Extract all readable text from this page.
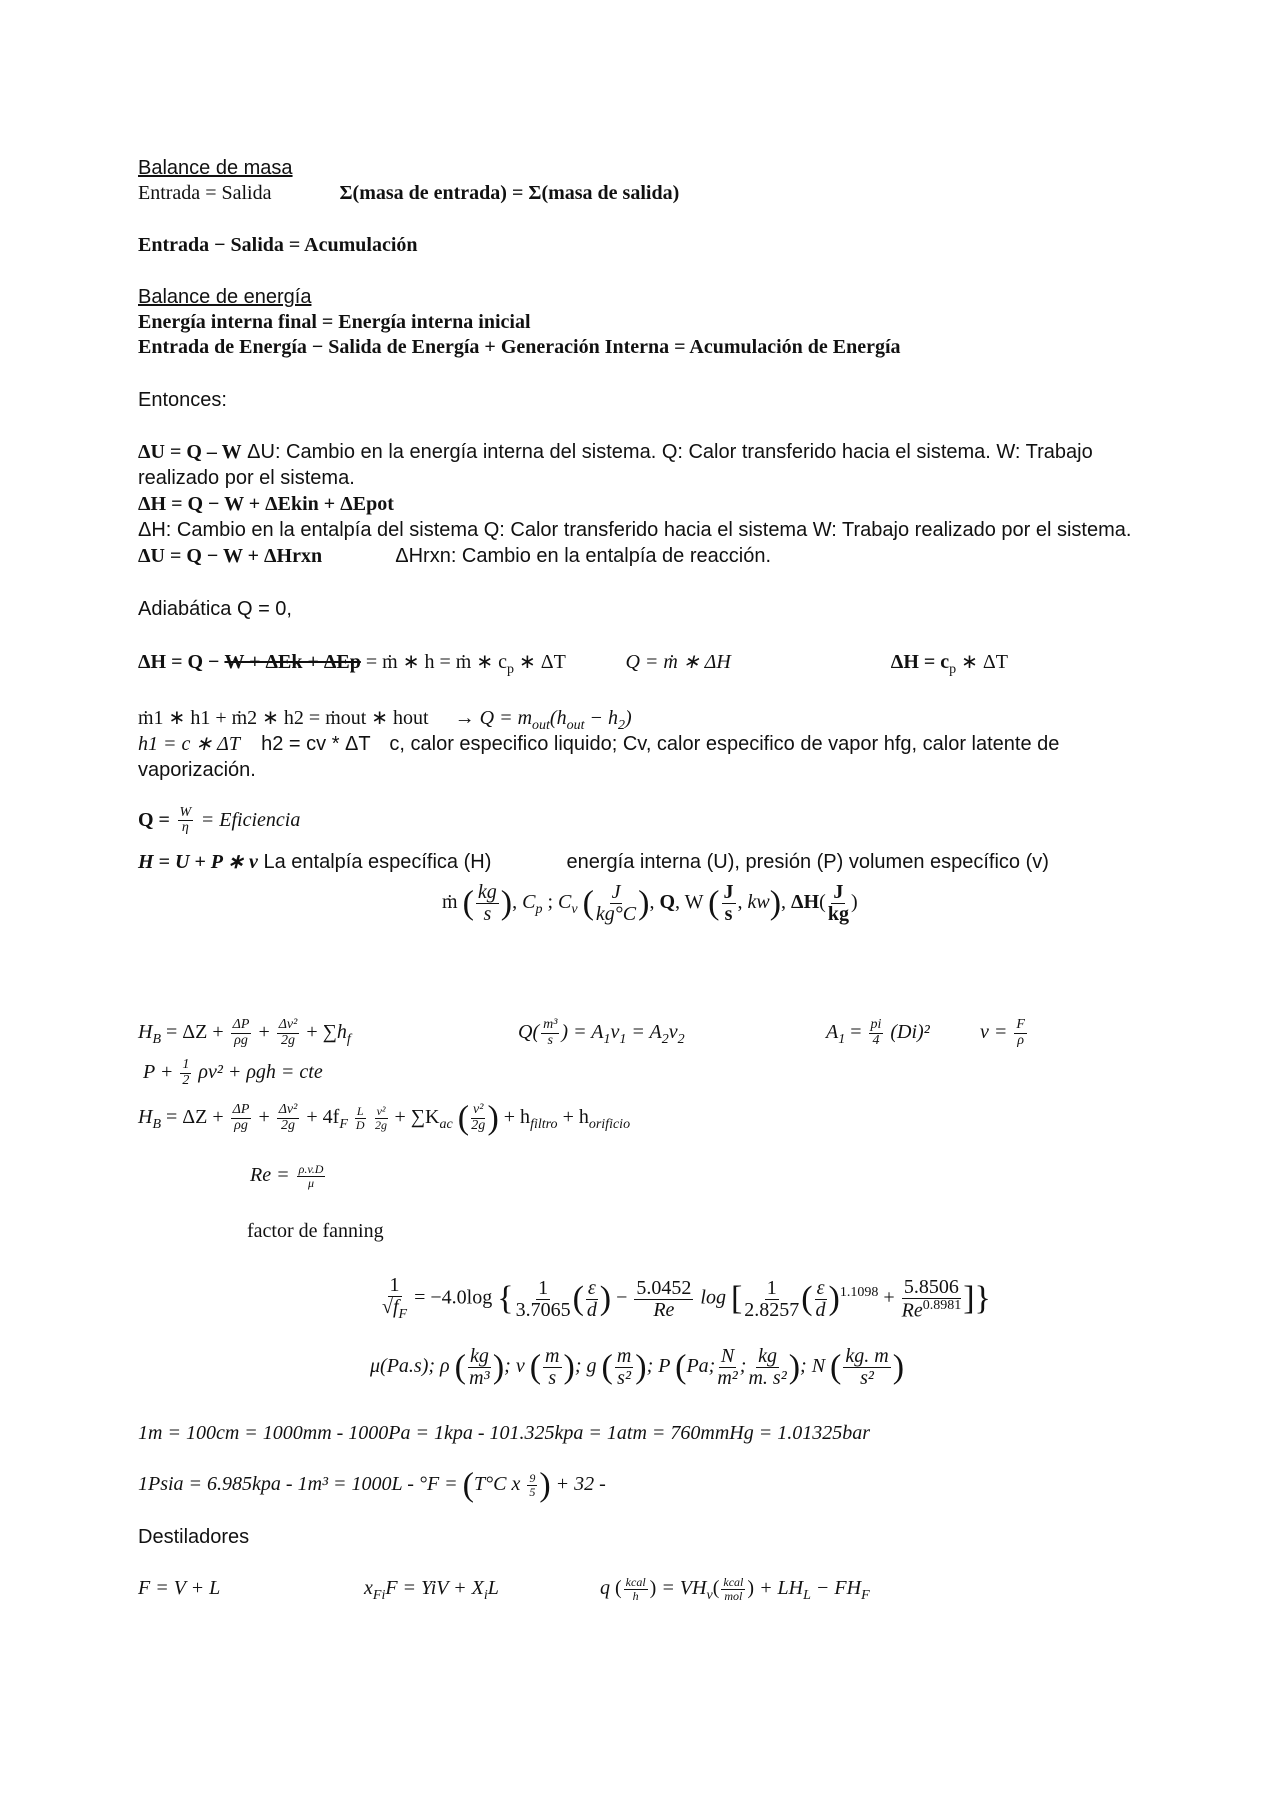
Balance de masa
Entrada = Salida	Σ(masa de entrada) = Σ(masa de salida)
Entrada − Salida = Acumulación
Balance de energía
Energía interna final = Energía interna inicial
Entrada de Energía − Salida de Energía + Generación Interna = Acumulación de Energía
Entonces:
ΔU = Q – W ΔU: Cambio en la energía interna del sistema. Q: Calor transferido hacia el sistema. W: Trabajo
realizado por el sistema.
ΔH = Q − W + ΔEkin + ΔEpot
ΔH: Cambio en la entalpía del sistema Q: Calor transferido hacia el sistema W: Trabajo realizado por el sistema.
ΔU = Q − W + ΔHrxn	ΔHrxn: Cambio en la entalpía de reacción.
Adiabática Q = 0,
ΔH = Q − W + ΔEk + ΔEp = ṁ ∗ h = ṁ ∗ $c_p$ ∗ ΔT	Q = ṁ ∗ ΔH	$\Delta H = c_p$ ∗ ΔT
ṁ1 ∗ h1 + ṁ2 ∗ h2 = ṁout ∗ hout → $Q = m_{out}(h_{out} - h_2)$
h1 = c ∗ ΔT h2 = cv * ΔT c, calor especifico liquido; Cv, calor especifico de vapor hfg, calor latente de
vaporización.
$Q = \frac{W}{\eta}$ = Eficiencia
H = U + P ∗ v La entalpía específica (H)	energía interna (U), presión (P) volumen específico (v)
ṁ ( $\frac{kg}{s}$ ), $C_p$ ; $C_v$ ( $\frac{J}{kg^\circ C}$ ), Q, W ( $\frac{J}{s}$ , kw), $\Delta H( \frac{J}{kg}$ )
$H_B = \Delta Z + \frac{\Delta P}{\rho g} + \frac{\text{Δv²}}{2g} + \sum h_f$	$Q( \frac{\text{m³}}{s}$ ) = $A_1v_1 = A_2v_2$	$A_1 = \frac{pi}{4} (Di)^2$	$v = \frac{F}{\rho}$
$P + \frac{1}{2} \rho v^2 + \rho gh$ = cte
$H_B = \Delta Z + \frac{\Delta P}{\rho g} + \frac{\text{Δv²}}{2g} + 4f_F \frac{L}{D}$
$\frac{\text{v²}}{2g} + \sum K_{ac}$ ( $\frac{\text{v²}}{2g}$ ) + $h_{filtro} + h_{orificio}$
$Re = \frac{\rho.v.D}{\mu}$
factor de fanning
$\frac{1}{√f_F} = -4.0\log$ { $\frac{1}{3.7065}$ ( $\frac{\varepsilon}{d}$ ) − $\frac{5.0452}{Re}$ log [ $\frac{1}{2.8257}$ ( $\frac{\varepsilon}{d} )^{1.1098} + \frac{5.8506}{Re^{0.8981}}$ ]}
μ(Pa.s); ρ ( $\frac{kg}{\text{m³}}$ ); v ( $\frac{m}{s}$ ); g ( $\frac{m}{\text{s²}}$ ); P (Pa; $\frac{N}{\text{m²}}$ ; $\frac{kg}{\text{m. s²}}$ ); N ( $\frac{kg. m}{\text{s²}}$ )
1m = 100cm = 1000mm - 1000Pa = 1kpa - 101.325kpa = 1atm = 760mmHg = 1.01325bar
1Psia = 6.985kpa - 1m³ = 1000L - °F = (T°C x $\frac{9}{5}$ ) + 32 -
Destiladores
F = V + L	$x_{Fi}F$ = YiV + $X_iL$	q ( $\frac{\text{kcal}}{h}$ ) = $VH_v( \frac{\text{kcal}}{\text{mol}}$ ) + $LH_L - FH_F$
